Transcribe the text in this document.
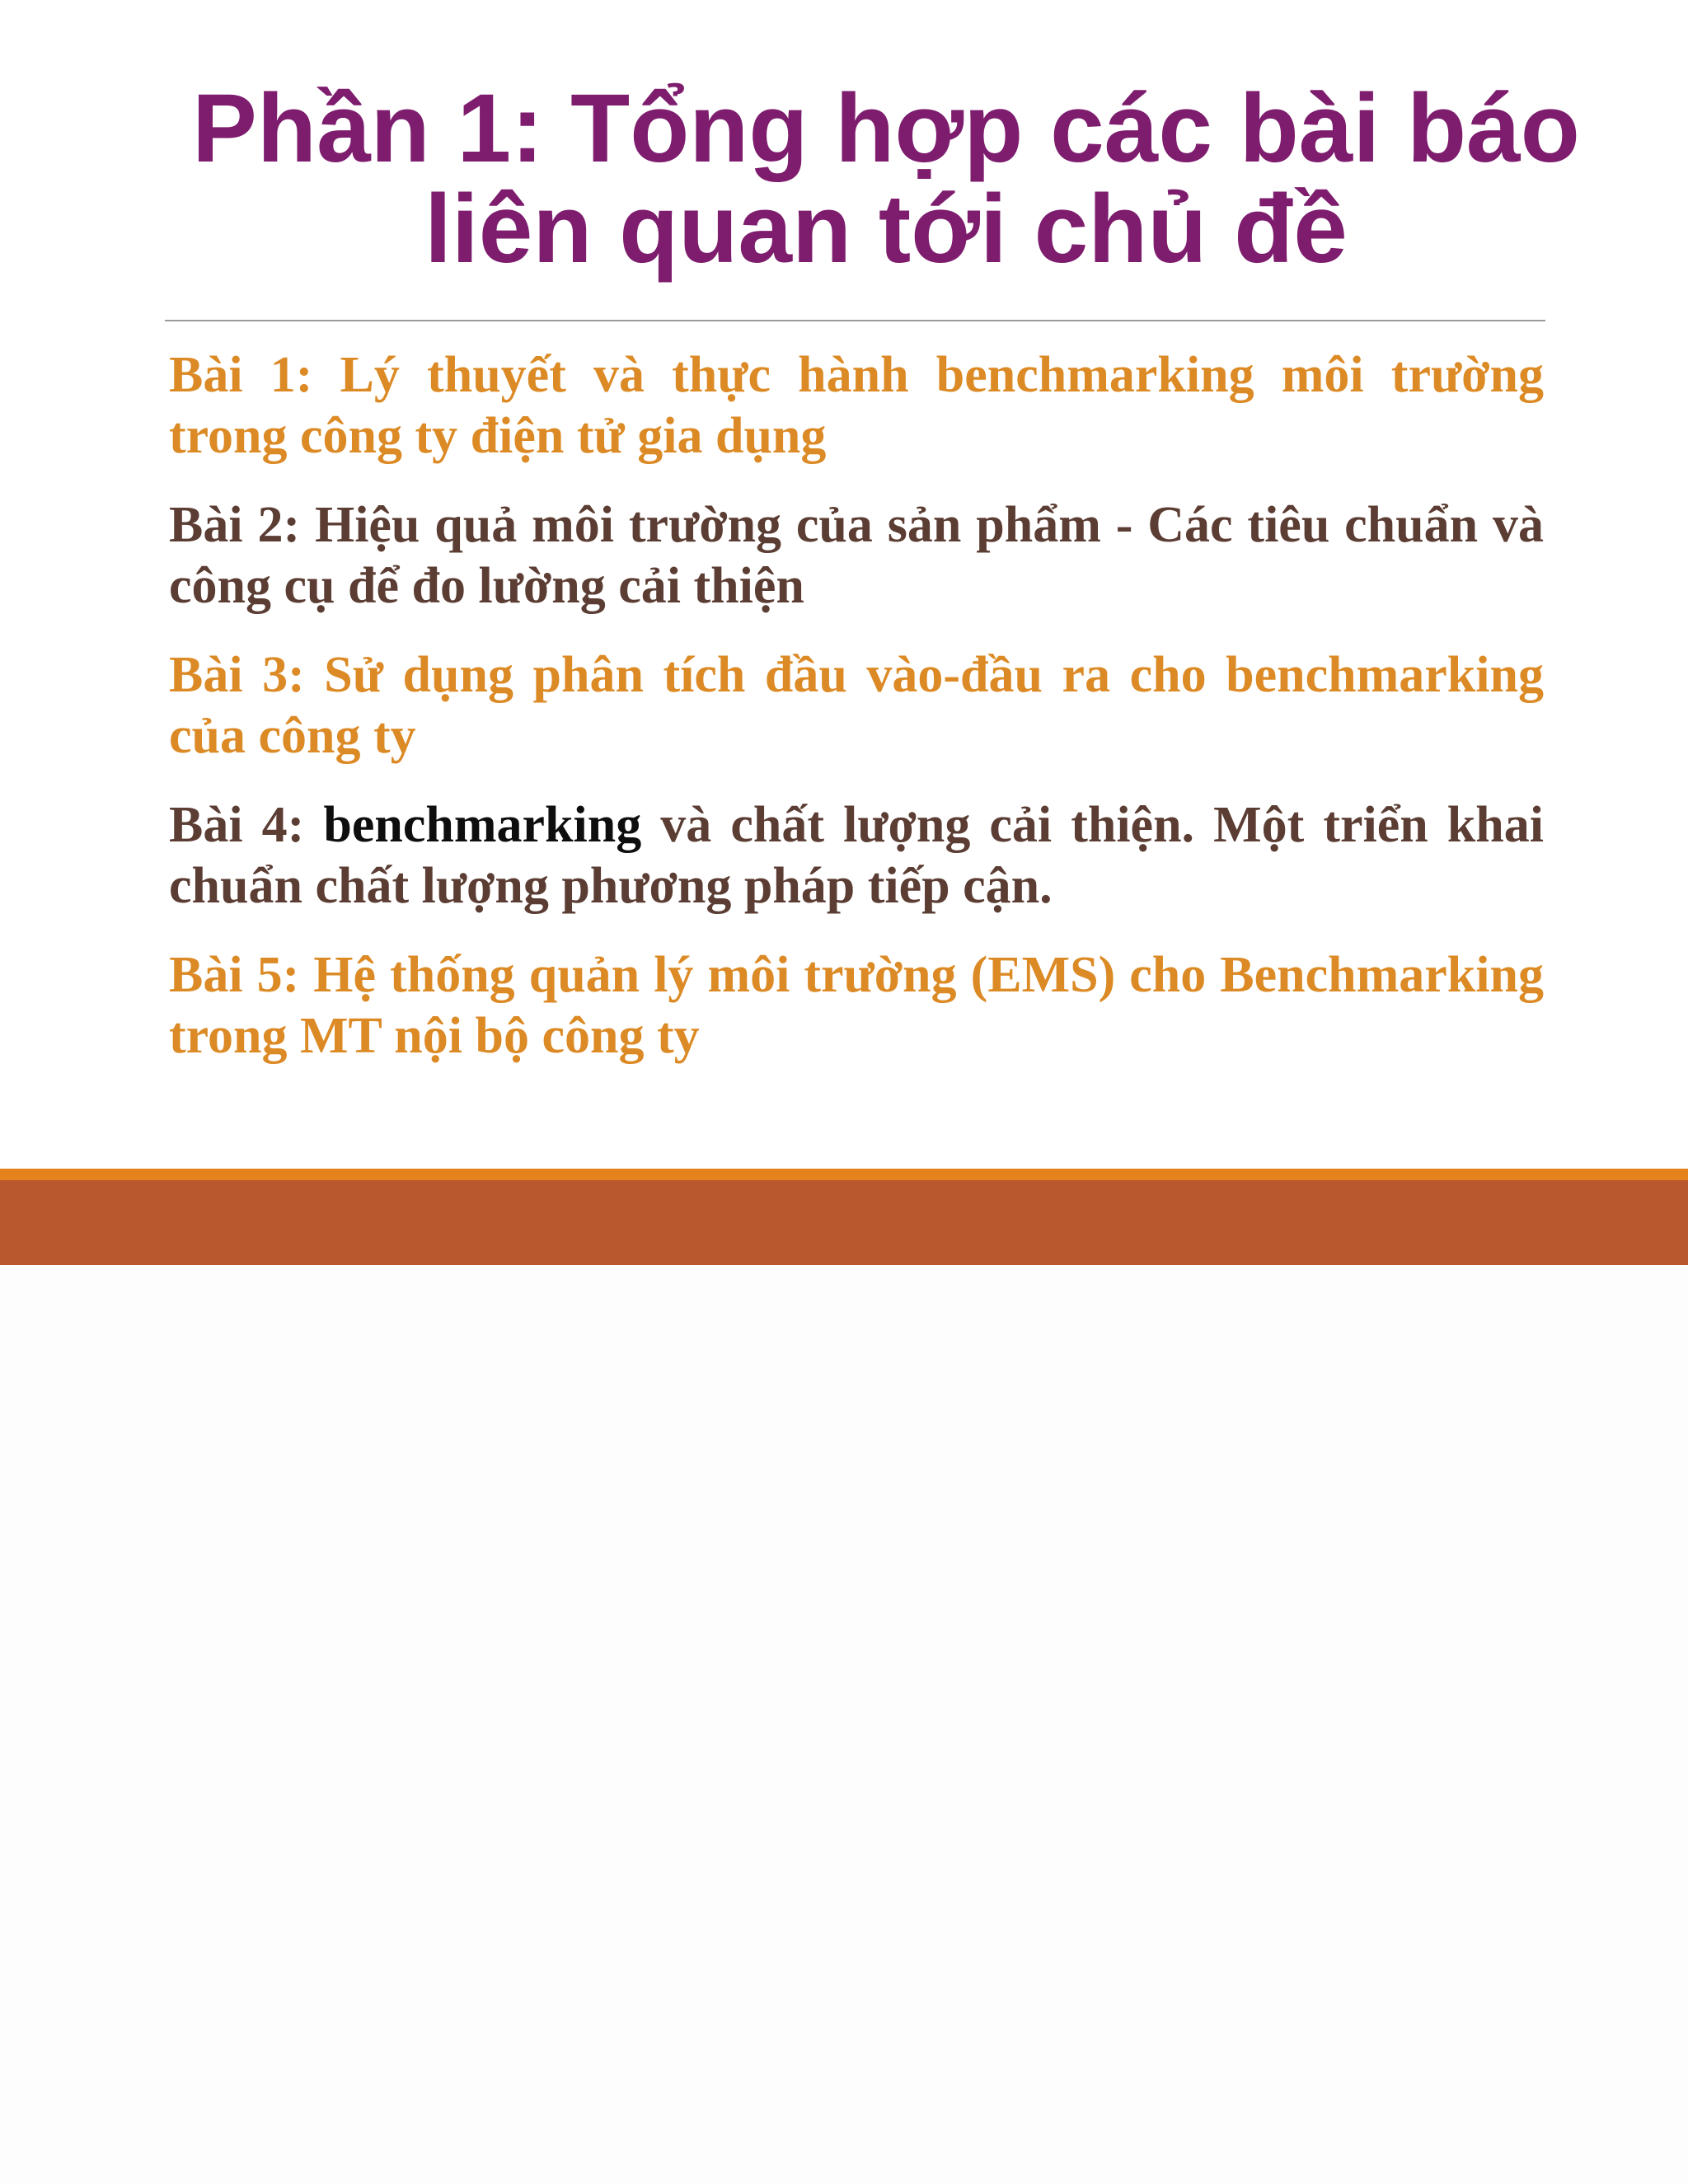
Phần 1: Tổng hợp các bài báo liên quan tới chủ đề
Bài 1: Lý thuyết và thực hành benchmarking môi trường trong công ty điện tử gia dụng
Bài 2: Hiệu quả môi trường của sản phẩm - Các tiêu chuẩn và công cụ để đo lường cải thiện
Bài 3: Sử dụng phân tích đầu vào-đầu ra cho benchmarking của công ty
Bài 4: benchmarking và chất lượng cải thiện. Một triển khai chuẩn chất lượng phương pháp tiếp cận.
Bài 5: Hệ thống quản lý môi trường (EMS) cho Benchmarking trong MT nội bộ công ty
